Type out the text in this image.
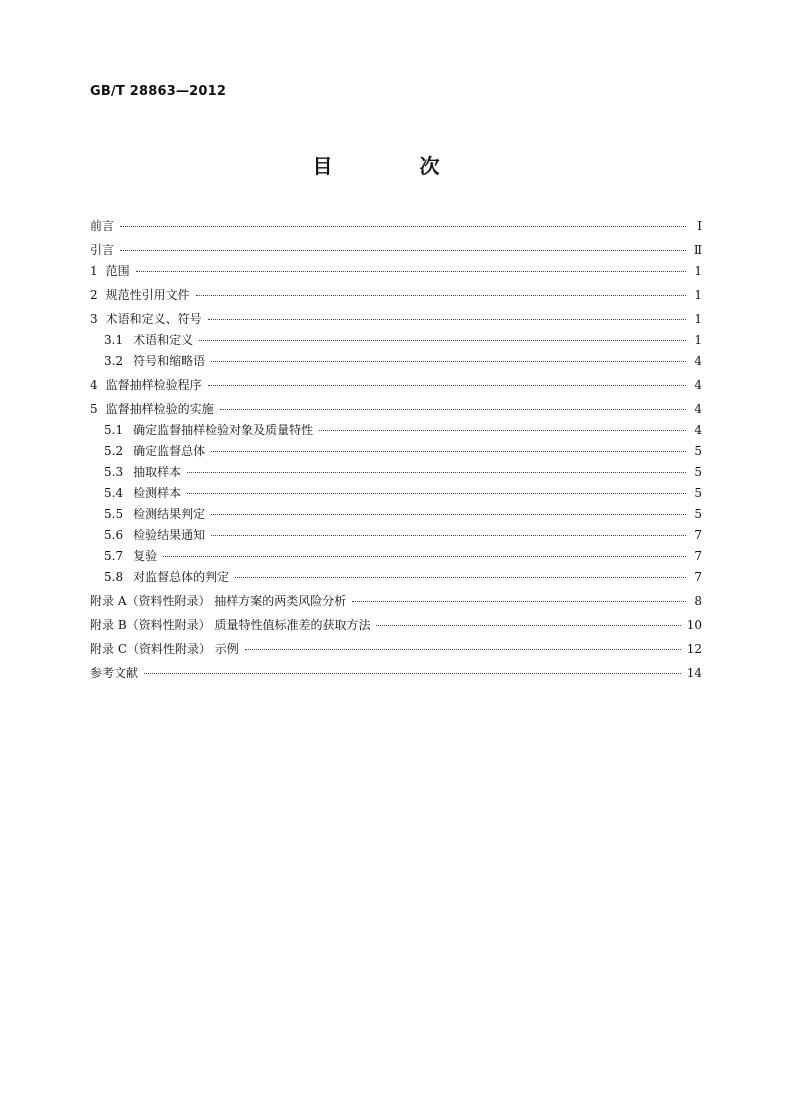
GB/T 28863—2012
目 次
前言	Ⅰ
引言	Ⅱ
1 范围	1
2 规范性引用文件	1
3 术语和定义、符号	1
3.1 术语和定义	1
3.2 符号和缩略语	4
4 监督抽样检验程序	4
5 监督抽样检验的实施	4
5.1 确定监督抽样检验对象及质量特性	4
5.2 确定监督总体	5
5.3 抽取样本	5
5.4 检测样本	5
5.5 检测结果判定	5
5.6 检验结果通知	7
5.7 复验	7
5.8 对监督总体的判定	7
附录 A（资料性附录） 抽样方案的两类风险分析	8
附录 B（资料性附录） 质量特性值标准差的获取方法	10
附录 C（资料性附录） 示例	12
参考文献	14
